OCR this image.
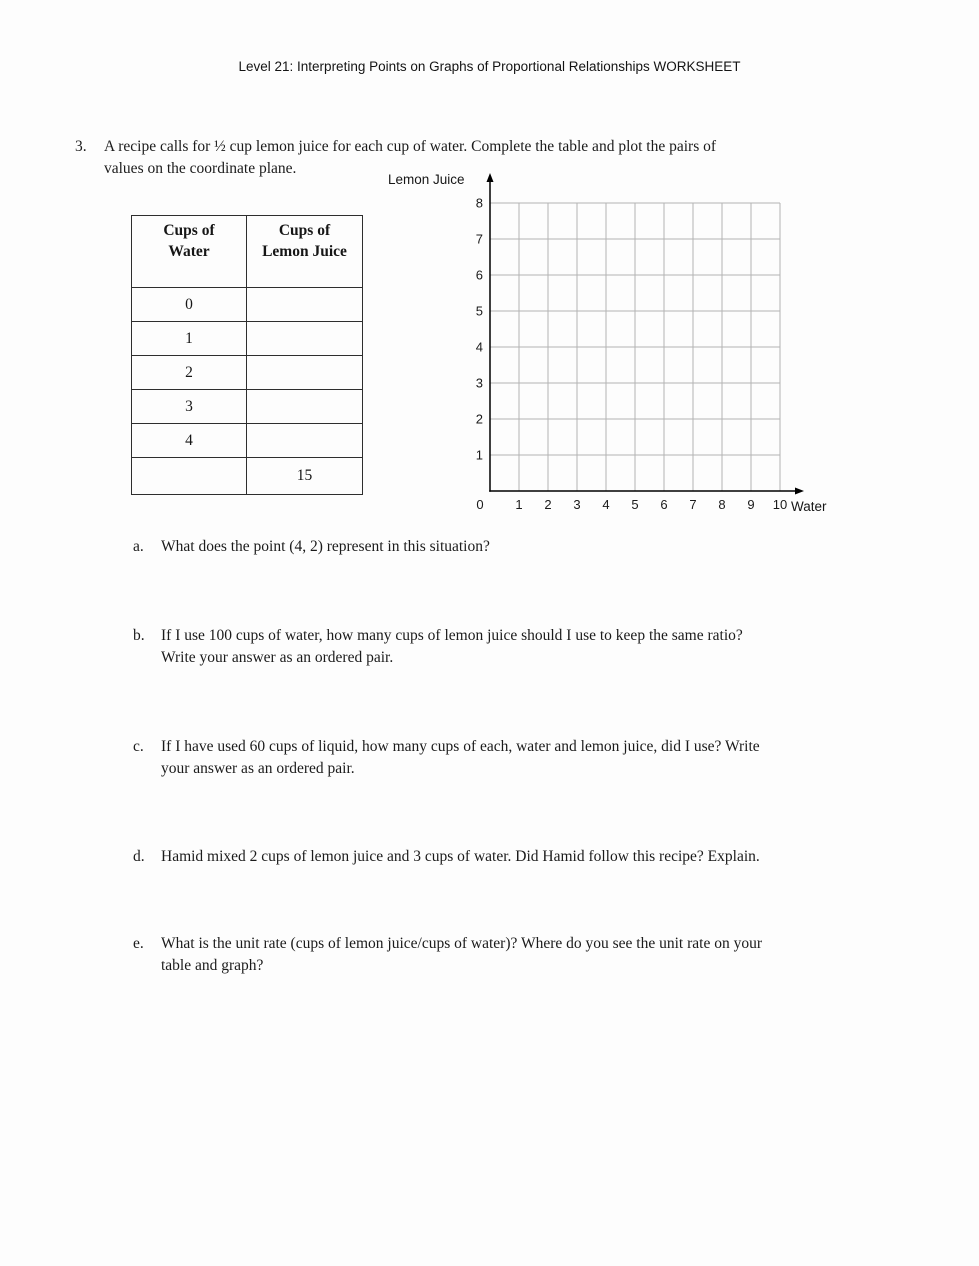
Level 21: Interpreting Points on Graphs of Proportional Relationships WORKSHEET
3.	A recipe calls for ½ cup lemon juice for each cup of water. Complete the table and plot the pairs of
values on the coordinate plane.
Cups of Water	Cups of Lemon Juice
0	
1	
2	
3	
4	
	15
Lemon Juice
Water
1
2
3
4
5
6
7
8
0 1 2 3 4 5 6 7 8 9 10
a.	What does the point (4, 2) represent in this situation?
b.	If I use 100 cups of water, how many cups of lemon juice should I use to keep the same ratio?
Write your answer as an ordered pair.
c.	If I have used 60 cups of liquid, how many cups of each, water and lemon juice, did I use? Write
your answer as an ordered pair.
d.	Hamid mixed 2 cups of lemon juice and 3 cups of water. Did Hamid follow this recipe? Explain.
e.	What is the unit rate (cups of lemon juice/cups of water)? Where do you see the unit rate on your
table and graph?
